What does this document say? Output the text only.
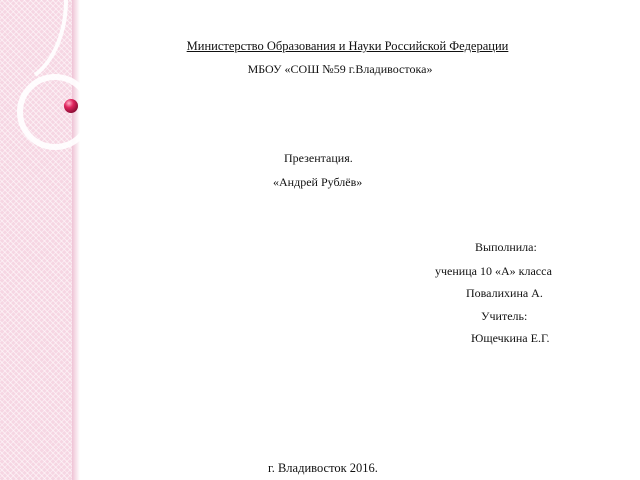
Министерство Образования и Науки Российской Федерации
МБОУ «СОШ №59 г.Владивостока»
Презентация.
«Андрей Рублёв»
Выполнила:
ученица 10 «А» класса
Повалихина А.
Учитель:
Ющечкина Е.Г.
г. Владивосток 2016.
